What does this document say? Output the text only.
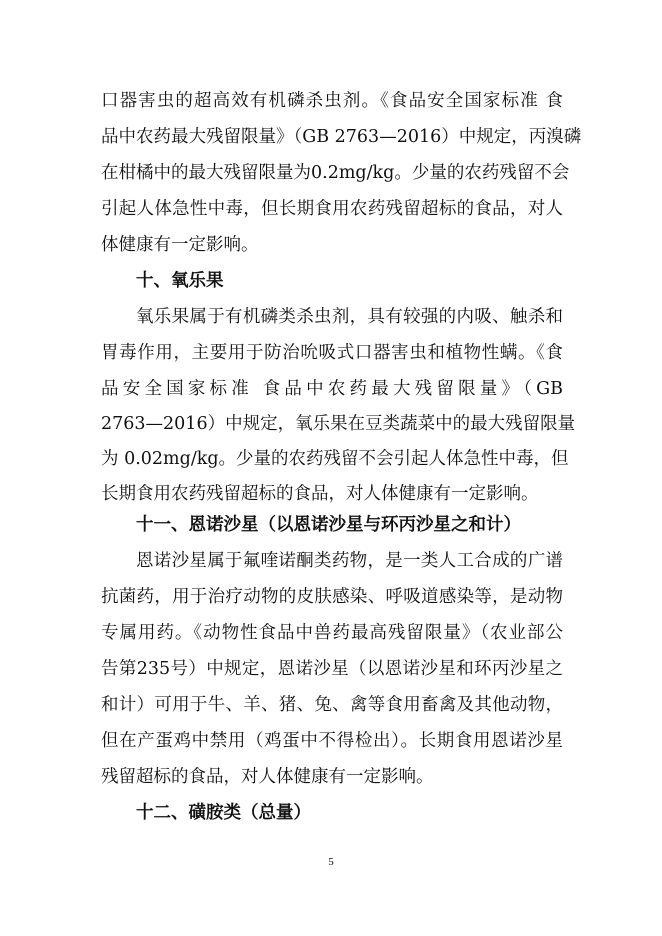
口器害虫的超高效有机磷杀虫剂。《食品安全国家标准 食
品中农药最大残留限量》（GB 2763—2016）中规定，丙溴磷
在柑橘中的最大残留限量为0.2mg/kg。少量的农药残留不会
引起人体急性中毒，但长期食用农药残留超标的食品，对人
体健康有一定影响。
十、氧乐果
氧乐果属于有机磷类杀虫剂，具有较强的内吸、触杀和
胃毒作用，主要用于防治吮吸式口器害虫和植物性螨。《食
品安全国家标准 食品中农药最大残留限量》（GB
2763—2016）中规定，氧乐果在豆类蔬菜中的最大残留限量
为 0.02mg/kg。少量的农药残留不会引起人体急性中毒，但
长期食用农药残留超标的食品，对人体健康有一定影响。
十一、恩诺沙星（以恩诺沙星与环丙沙星之和计）
恩诺沙星属于氟喹诺酮类药物，是一类人工合成的广谱
抗菌药，用于治疗动物的皮肤感染、呼吸道感染等，是动物
专属用药。《动物性食品中兽药最高残留限量》（农业部公
告第235号）中规定，恩诺沙星（以恩诺沙星和环丙沙星之
和计）可用于牛、羊、猪、兔、禽等食用畜禽及其他动物，
但在产蛋鸡中禁用（鸡蛋中不得检出）。长期食用恩诺沙星
残留超标的食品，对人体健康有一定影响。
十二、磺胺类（总量）
5
